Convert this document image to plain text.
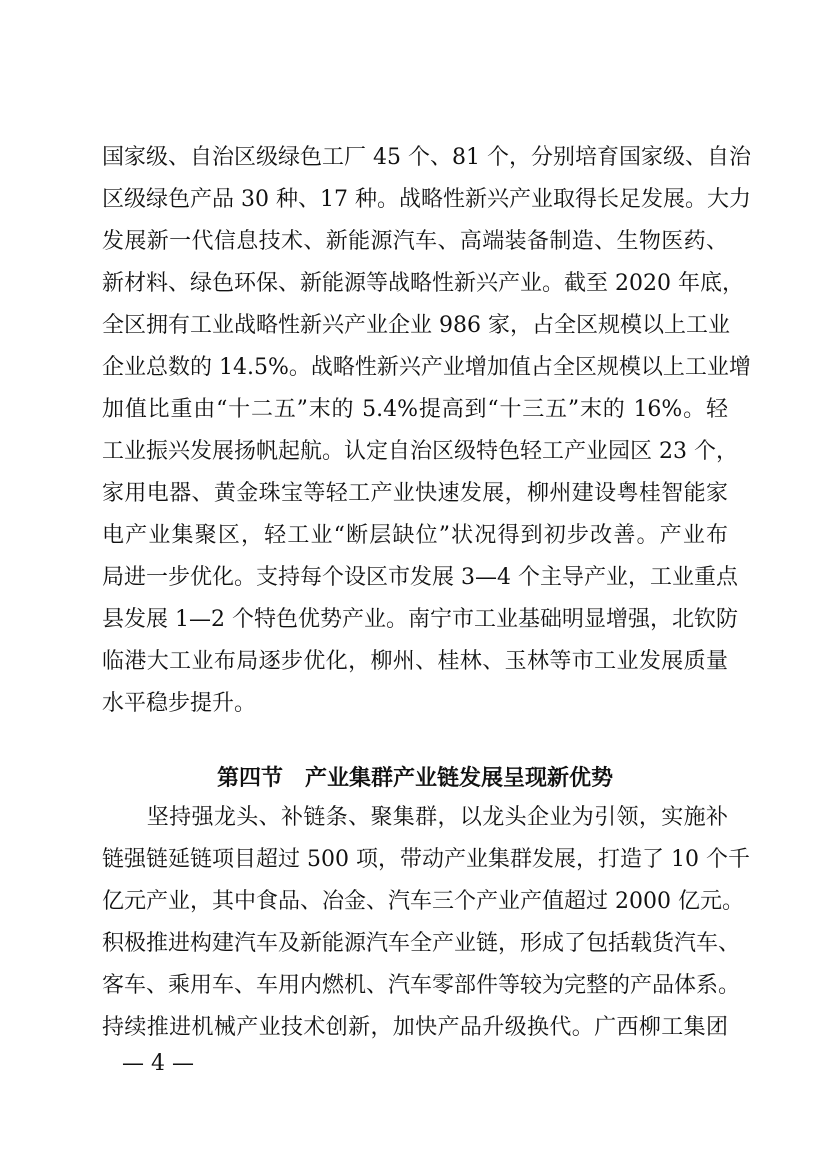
国家级、自治区级绿色工厂 45 个、81 个，分别培育国家级、自治
区级绿色产品 30 种、17 种。战略性新兴产业取得长足发展。大力
发展新一代信息技术、新能源汽车、高端装备制造、生物医药、
新材料、绿色环保、新能源等战略性新兴产业。截至 2020 年底，
全区拥有工业战略性新兴产业企业 986 家，占全区规模以上工业
企业总数的 14.5%。战略性新兴产业增加值占全区规模以上工业增
加值比重由“十二五”末的 5.4%提高到“十三五”末的 16%。轻
工业振兴发展扬帆起航。认定自治区级特色轻工产业园区 23 个，
家用电器、黄金珠宝等轻工产业快速发展，柳州建设粤桂智能家
电产业集聚区，轻工业“断层缺位”状况得到初步改善。产业布
局进一步优化。支持每个设区市发展 3—4 个主导产业，工业重点
县发展 1—2 个特色优势产业。南宁市工业基础明显增强，北钦防
临港大工业布局逐步优化，柳州、桂林、玉林等市工业发展质量
水平稳步提升。
第四节　产业集群产业链发展呈现新优势
　　坚持强龙头、补链条、聚集群，以龙头企业为引领，实施补
链强链延链项目超过 500 项，带动产业集群发展，打造了 10 个千
亿元产业，其中食品、冶金、汽车三个产业产值超过 2000 亿元。
积极推进构建汽车及新能源汽车全产业链，形成了包括载货汽车、
客车、乘用车、车用内燃机、汽车零部件等较为完整的产品体系。
持续推进机械产业技术创新，加快产品升级换代。广西柳工集团
— 4 —
